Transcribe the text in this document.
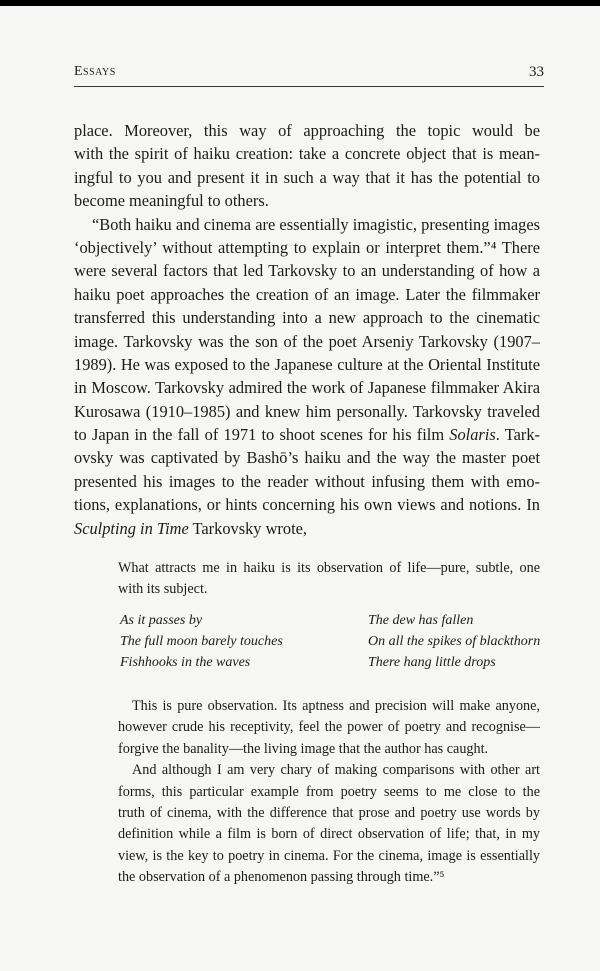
Essays	33
place. Moreover, this way of approaching the topic would be
with the spirit of haiku creation: take a concrete object that is mean-
ingful to you and present it in such a way that it has the potential to
become meaningful to others.
“Both haiku and cinema are essentially imagistic, presenting images
‘objectively’ without attempting to explain or interpret them.”⁴ There
were several factors that led Tarkovsky to an understanding of how a
haiku poet approaches the creation of an image. Later the filmmaker
transferred this understanding into a new approach to the cinematic
image. Tarkovsky was the son of the poet Arseniy Tarkovsky (1907–
1989). He was exposed to the Japanese culture at the Oriental Institute
in Moscow. Tarkovsky admired the work of Japanese filmmaker Akira
Kurosawa (1910–1985) and knew him personally. Tarkovsky traveled
to Japan in the fall of 1971 to shoot scenes for his film Solaris. Tark-
ovsky was captivated by Bashō’s haiku and the way the master poet
presented his images to the reader without infusing them with emo-
tions, explanations, or hints concerning his own views and notions. In
Sculpting in Time Tarkovsky wrote,
What attracts me in haiku is its observation of life—pure, subtle, one
with its subject.
As it passes by
The full moon barely touches
Fishhooks in the waves
The dew has fallen
On all the spikes of blackthorn
There hang little drops
This is pure observation. Its aptness and precision will make anyone,
however crude his receptivity, feel the power of poetry and recognise—
forgive the banality—the living image that the author has caught.
And although I am very chary of making comparisons with other art
forms, this particular example from poetry seems to me close to the
truth of cinema, with the difference that prose and poetry use words by
definition while a film is born of direct observation of life; that, in my
view, is the key to poetry in cinema. For the cinema, image is essentially
the observation of a phenomenon passing through time.”⁵
